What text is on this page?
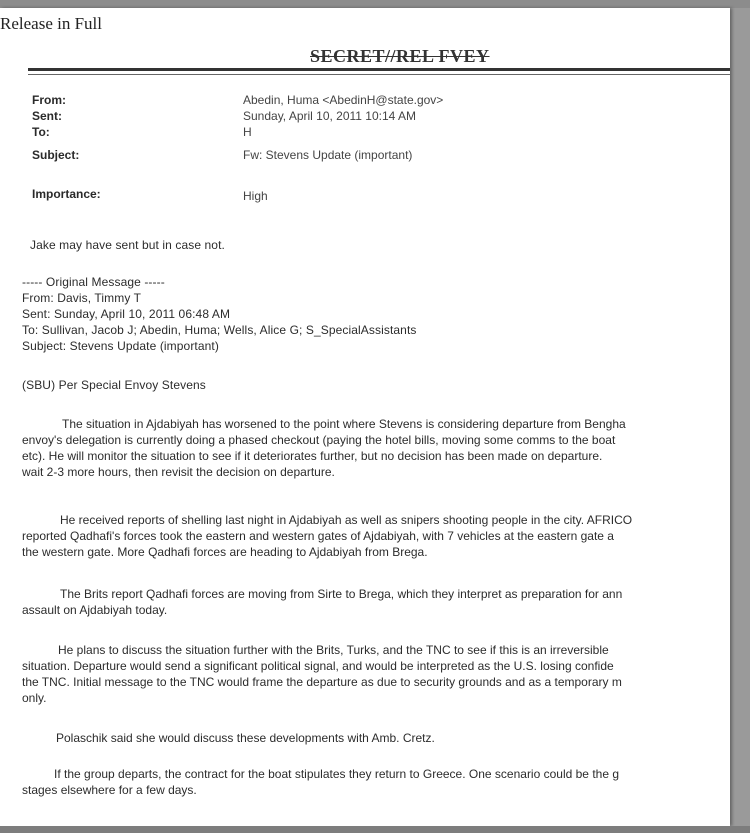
Release in Full
SECRET//REL FVEY
From:	Abedin, Huma <AbedinH@state.gov>
Sent:	Sunday, April 10, 2011 10:14 AM
To:	H
Subject:	Fw: Stevens Update (important)
Importance:	High
Jake may have sent but in case not.
----- Original Message -----
From: Davis, Timmy T
Sent: Sunday, April 10, 2011 06:48 AM
To: Sullivan, Jacob J; Abedin, Huma; Wells, Alice G; S_SpecialAssistants
Subject: Stevens Update (important)
(SBU) Per Special Envoy Stevens
The situation in Ajdabiyah has worsened to the point where Stevens is considering departure from Bengha
envoy's delegation is currently doing a phased checkout (paying the hotel bills, moving some comms to the boat
etc). He will monitor the situation to see if it deteriorates further, but no decision has been made on departure.
wait 2-3 more hours, then revisit the decision on departure.
He received reports of shelling last night in Ajdabiyah as well as snipers shooting people in the city. AFRICO
reported Qadhafi's forces took the eastern and western gates of Ajdabiyah, with 7 vehicles at the eastern gate a
the western gate. More Qadhafi forces are heading to Ajdabiyah from Brega.
The Brits report Qadhafi forces are moving from Sirte to Brega, which they interpret as preparation for ann
assault on Ajdabiyah today.
He plans to discuss the situation further with the Brits, Turks, and the TNC to see if this is an irreversible
situation. Departure would send a significant political signal, and would be interpreted as the U.S. losing confide
the TNC. Initial message to the TNC would frame the departure as due to security grounds and as a temporary m
only.
Polaschik said she would discuss these developments with Amb. Cretz.
If the group departs, the contract for the boat stipulates they return to Greece. One scenario could be the g
stages elsewhere for a few days.
